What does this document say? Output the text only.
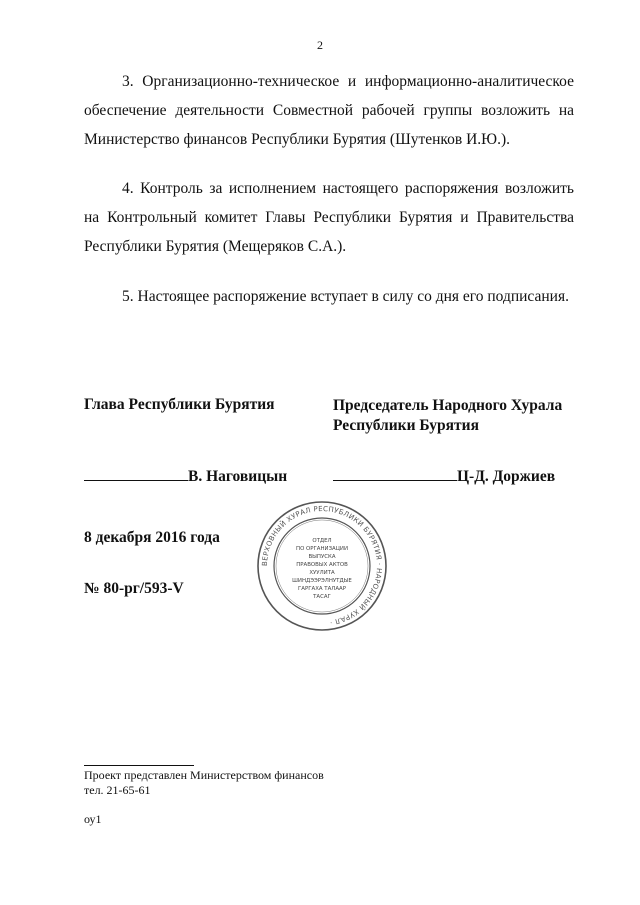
2

3. Организационно-техническое и информационно-аналитическое обеспечение деятельности Совместной рабочей группы возложить на Министерство финансов Республики Бурятия (Шутенков И.Ю.).

4. Контроль за исполнением настоящего распоряжения возложить на Контрольный комитет Главы Республики Бурятия и Правительства Республики Бурятия (Мещеряков С.А.).

5. Настоящее распоряжение вступает в силу со дня его подписания.

Глава Республики Бурятия	Председатель Народного Хурала
Республики Бурятия
В. Наговицын	Ц-Д. Доржиев
8 декабря 2016 года
№ 80-рг/593-V
ВЕРХОВНЫЙ ХУРАЛ РЕСПУБЛИКИ БУРЯТИЯ · НАРОДНЫЙ ХУРАЛ ·
ОТДЕЛ
ПО ОРГАНИЗАЦИИ
ВЫПУСКА
ПРАВОВЫХ АКТОВ
ХУУЛИТА
ШИНДЭЭРЭЛНУТДЫЕ
ГАРГАХА ТАЛААР
ТАСАГ
Проект представлен Министерством финансов
тел. 21-65-61
оу1
